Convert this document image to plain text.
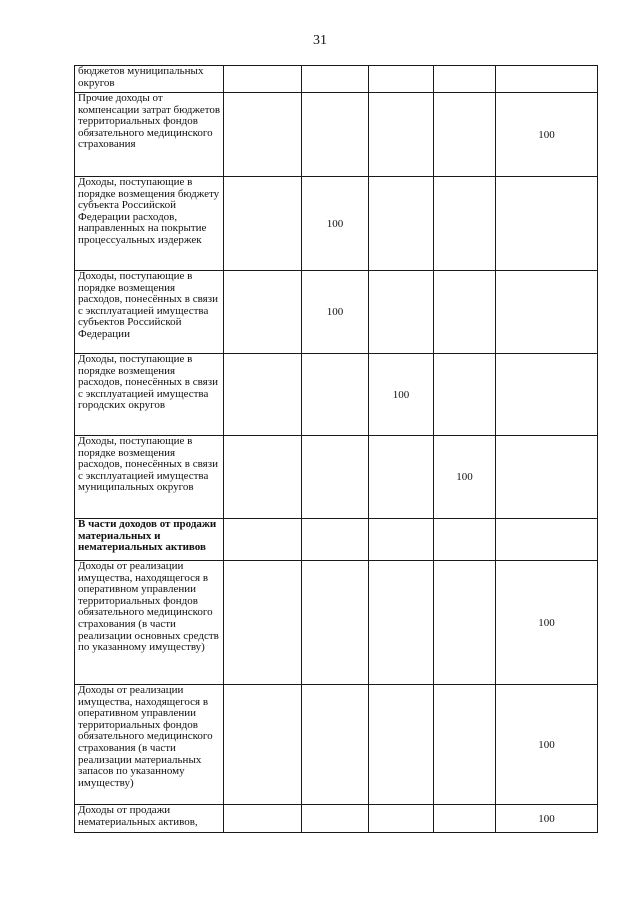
31
бюджетов муниципальных округов					
Прочие доходы от компенсации затрат бюджетов территориальных фондов обязательного медицинского страхования					100
Доходы, поступающие в порядке возмещения бюджету субъекта Российской Федерации расходов, направленных на покрытие процессуальных издержек		100			
Доходы, поступающие в порядке возмещения расходов, понесённых в связи с эксплуатацией имущества субъектов Российской Федерации		100			
Доходы, поступающие в порядке возмещения расходов, понесённых в связи с эксплуатацией имущества городских округов			100		
Доходы, поступающие в порядке возмещения расходов, понесённых в связи с эксплуатацией имущества муниципальных округов				100	
В части доходов от продажи материальных и нематериальных активов					
Доходы от реализации имущества, находящегося в оперативном управлении территориальных фондов обязательного медицинского страхования (в части реализации основных средств по указанному имуществу)					100
Доходы от реализации имущества, находящегося в оперативном управлении территориальных фондов обязательного медицинского страхования (в части реализации материальных запасов по указанному имуществу)					100
Доходы от продажи нематериальных активов,					100
